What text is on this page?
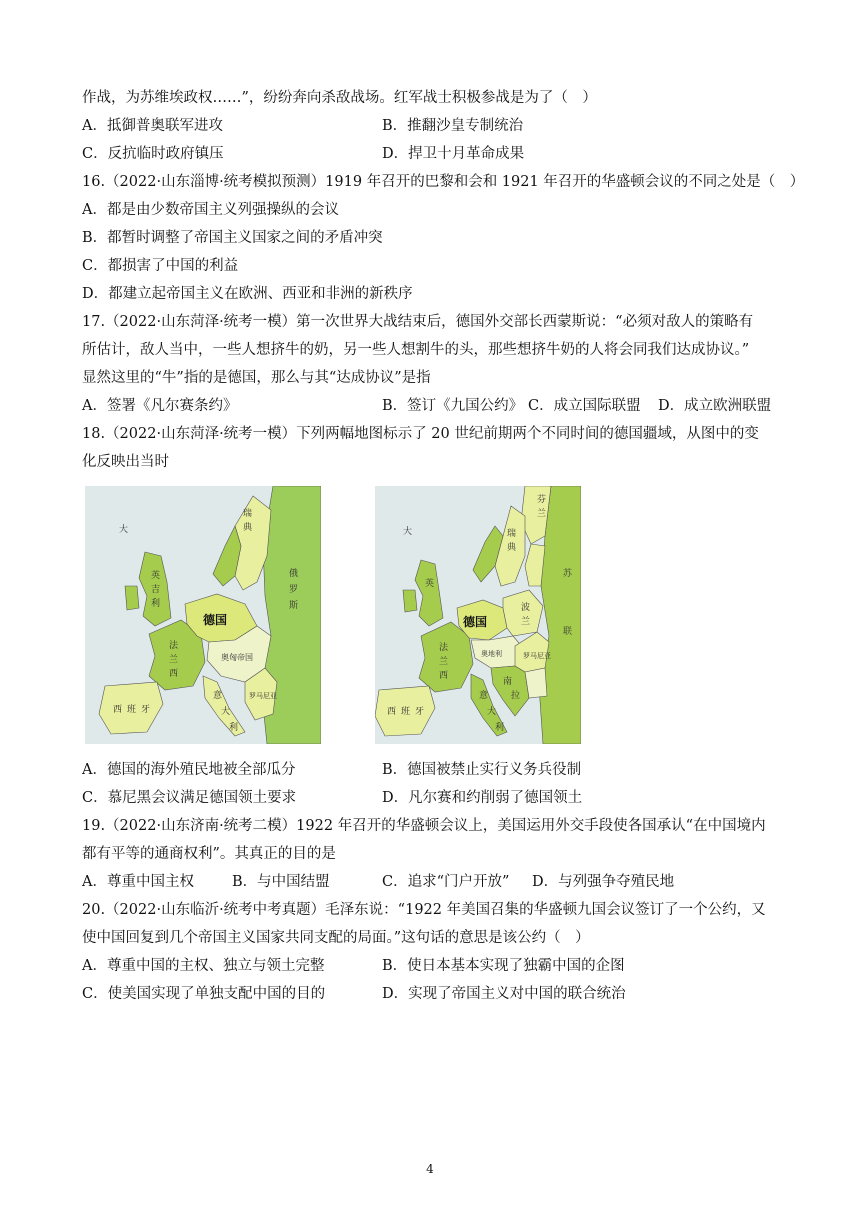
作战，为苏维埃政权……”，纷纷奔向杀敌战场。红军战士积极参战是为了（　）
A．抵御普奥联军进攻	B．推翻沙皇专制统治
C．反抗临时政府镇压	D．捍卫十月革命成果
16.（2022·山东淄博·统考模拟预测）1919 年召开的巴黎和会和 1921 年召开的华盛顿会议的不同之处是（　）
A．都是由少数帝国主义列强操纵的会议
B．都暂时调整了帝国主义国家之间的矛盾冲突
C．都损害了中国的利益
D．都建立起帝国主义在欧洲、西亚和非洲的新秩序
17.（2022·山东菏泽·统考一模）第一次世界大战结束后，德国外交部长西蒙斯说：“必须对敌人的策略有
所估计，敌人当中，一些人想挤牛的奶，另一些人想割牛的头，那些想挤牛奶的人将会同我们达成协议。”
显然这里的“牛”指的是德国，那么与其“达成协议”是指
A．签署《凡尔赛条约》	B．签订《九国公约》 C．成立国际联盟 D．成立欧洲联盟
18.（2022·山东菏泽·统考一模）下列两幅地图标示了 20 世纪前期两个不同时间的德国疆域，从图中的变
化反映出当时
大
瑞
典
俄
罗
斯
英
吉
利
德国
法
兰
西
奥匈帝国
罗马尼亚
西 班 牙
意
大
利
芬
兰
大	瑞
典
苏
联
英
德国
波
兰
法
兰
西
奥地利	罗马尼亚
南
拉
西 班 牙
意
大
利
A．德国的海外殖民地被全部瓜分	B．德国被禁止实行义务兵役制
C．慕尼黑会议满足德国领土要求	D．凡尔赛和约削弱了德国领土
19.（2022·山东济南·统考二模）1922 年召开的华盛顿会议上，美国运用外交手段使各国承认“在中国境内
都有平等的通商权利”。其真正的目的是
A．尊重中国主权	B．与中国结盟	C．追求“门户开放” D．与列强争夺殖民地
20.（2022·山东临沂·统考中考真题）毛泽东说：“1922 年美国召集的华盛顿九国会议签订了一个公约，又
使中国回复到几个帝国主义国家共同支配的局面。”这句话的意思是该公约（　）
A．尊重中国的主权、独立与领土完整	B．使日本基本实现了独霸中国的企图
C．使美国实现了单独支配中国的目的	D．实现了帝国主义对中国的联合统治
4
